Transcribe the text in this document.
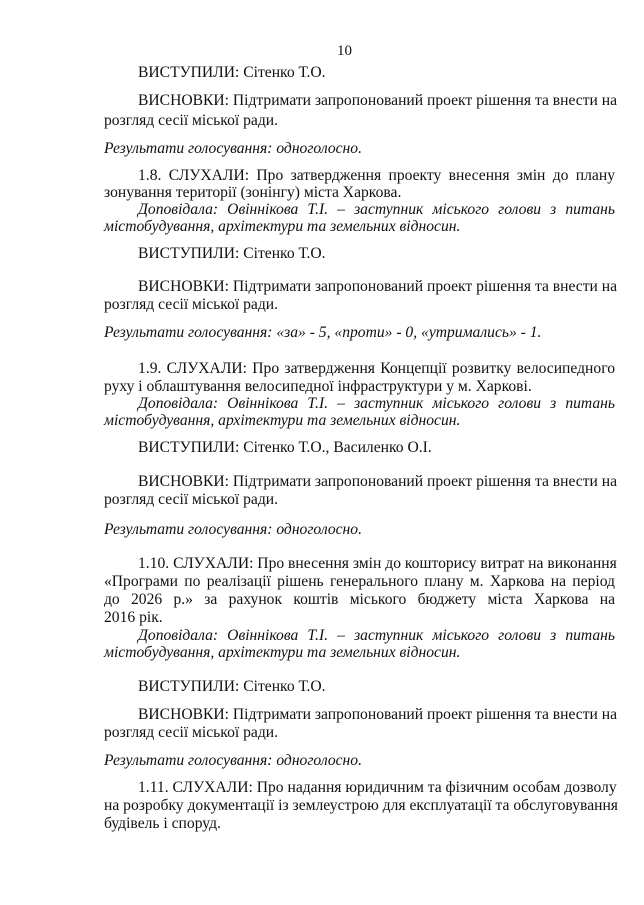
10
ВИСТУПИЛИ: Сітенко Т.О.
ВИСНОВКИ: Підтримати запропонований проект рішення та внести на
розгляд сесії міської ради.
Результати голосування: одноголосно.
1.8. СЛУХАЛИ: Про затвердження проекту внесення змін до плану
зонування території (зонінгу) міста Харкова.
Доповідала: Овіннікова Т.І. – заступник міського голови з питань
містобудування, архітектури та земельних відносин.
ВИСТУПИЛИ: Сітенко Т.О.
ВИСНОВКИ: Підтримати запропонований проект рішення та внести на
розгляд сесії міської ради.
Результати голосування: «за» - 5, «проти» - 0, «утримались» - 1.
1.9. СЛУХАЛИ: Про затвердження Концепції розвитку велосипедного
руху і облаштування велосипедної інфраструктури у м. Харкові.
Доповідала: Овіннікова Т.І. – заступник міського голови з питань
містобудування, архітектури та земельних відносин.
ВИСТУПИЛИ: Сітенко Т.О., Василенко О.І.
ВИСНОВКИ: Підтримати запропонований проект рішення та внести на
розгляд сесії міської ради.
Результати голосування: одноголосно.
1.10. СЛУХАЛИ: Про внесення змін до кошторису витрат на виконання
«Програми по реалізації рішень генерального плану м. Харкова на період
до 2026 р.» за рахунок коштів міського бюджету міста Харкова на
2016 рік.
Доповідала: Овіннікова Т.І. – заступник міського голови з питань
містобудування, архітектури та земельних відносин.
ВИСТУПИЛИ: Сітенко Т.О.
ВИСНОВКИ: Підтримати запропонований проект рішення та внести на
розгляд сесії міської ради.
Результати голосування: одноголосно.
1.11. СЛУХАЛИ: Про надання юридичним та фізичним особам дозволу
на розробку документації із землеустрою для експлуатації та обслуговування
будівель і споруд.
